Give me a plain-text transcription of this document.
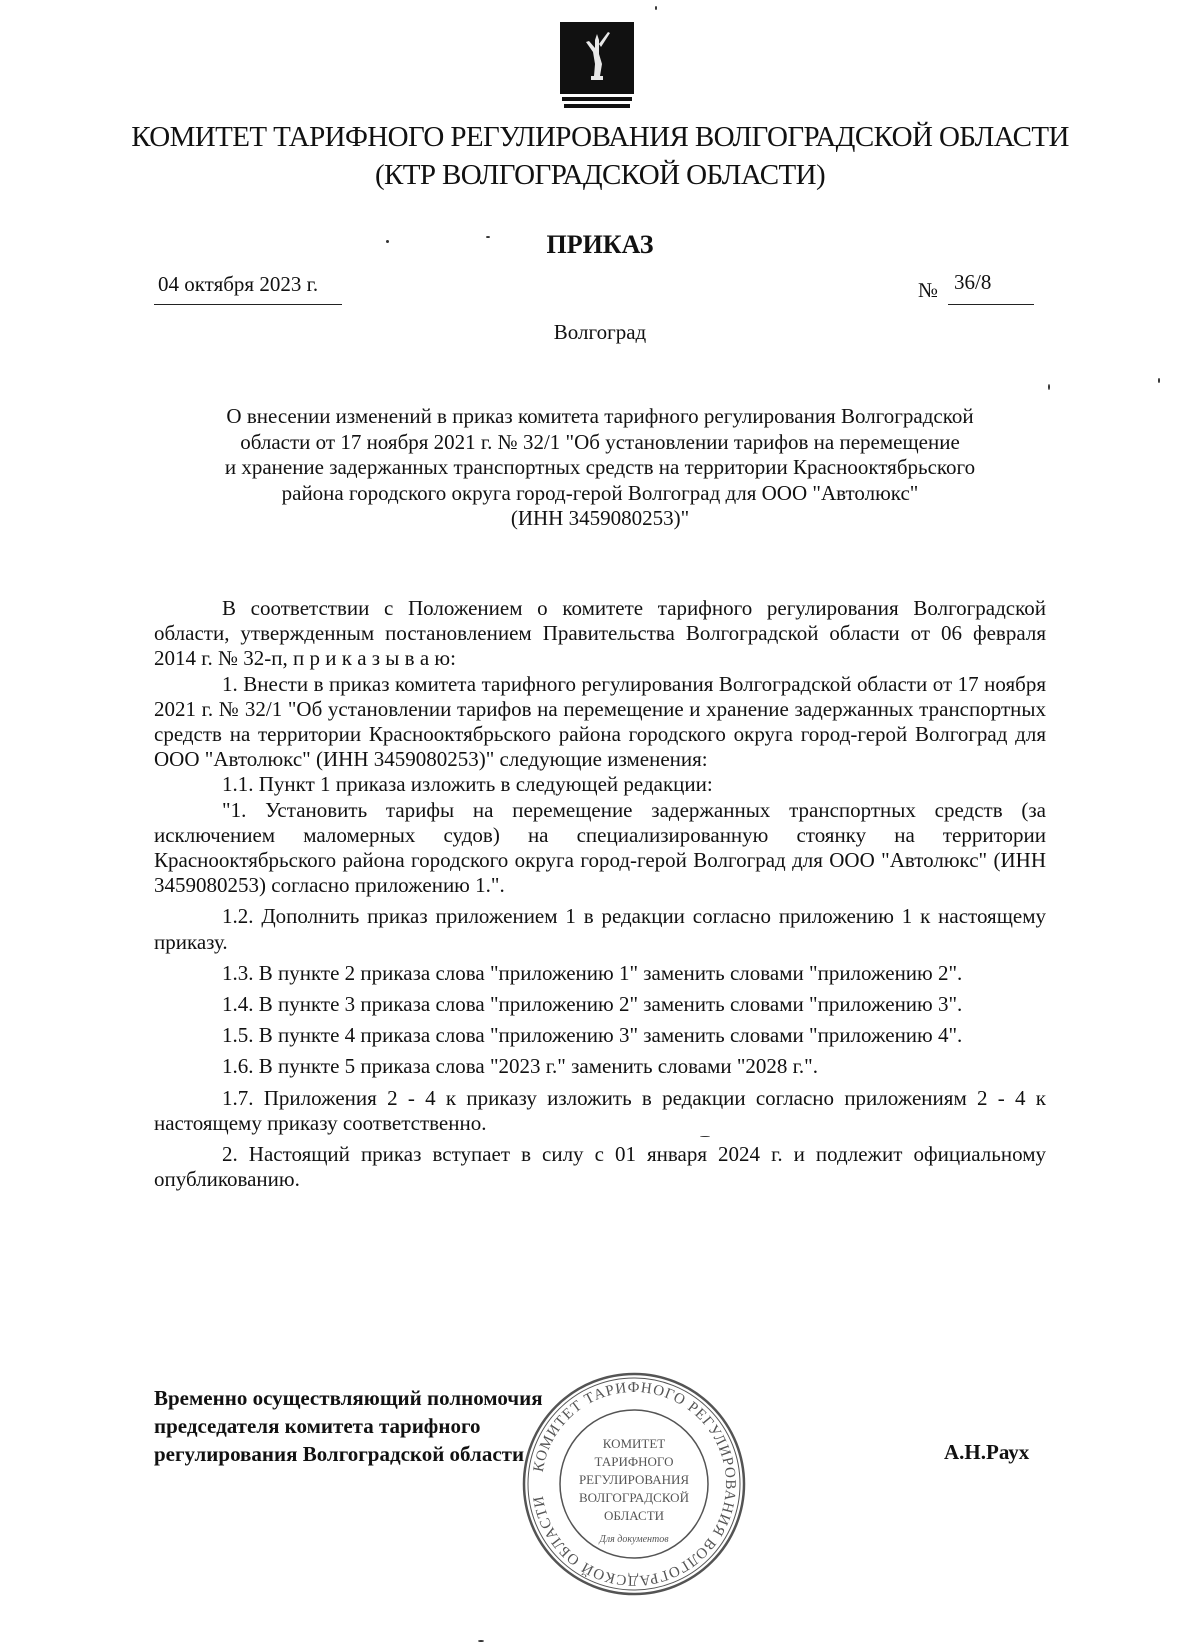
КОМИТЕТ ТАРИФНОГО РЕГУЛИРОВАНИЯ ВОЛГОГРАДСКОЙ ОБЛАСТИ
(КТР ВОЛГОГРАДСКОЙ ОБЛАСТИ)
ПРИКАЗ
04 октября 2023 г.	№ 36/8
Волгоград
О внесении изменений в приказ комитета тарифного регулирования Волгоградской
области от 17 ноября 2021 г. № 32/1 "Об установлении тарифов на перемещение
и хранение задержанных транспортных средств на территории Краснооктябрьского
района городского округа город-герой Волгоград для ООО "Автолюкс"
(ИНН 3459080253)"

В соответствии с Положением о комитете тарифного регулирования Волгоградской области, утвержденным постановлением Правительства Волгоградской области от 06 февраля 2014 г. № 32-п, п р и к а з ы в а ю:

1. Внести в приказ комитета тарифного регулирования Волгоградской области от 17 ноября 2021 г. № 32/1 "Об установлении тарифов на перемещение и хранение задержанных транспортных средств на территории Краснооктябрьского района городского округа город-герой Волгоград для ООО "Автолюкс" (ИНН 3459080253)" следующие изменения:

1.1. Пункт 1 приказа изложить в следующей редакции:

"1. Установить тарифы на перемещение задержанных транспортных средств (за исключением маломерных судов) на специализированную стоянку на территории Краснооктябрьского района городского округа город-герой Волгоград для ООО "Автолюкс" (ИНН 3459080253) согласно приложению 1.".

1.2. Дополнить приказ приложением 1 в редакции согласно приложению 1 к настоящему приказу.

1.3. В пункте 2 приказа слова "приложению 1" заменить словами "приложению 2".

1.4. В пункте 3 приказа слова "приложению 2" заменить словами "приложению 3".

1.5. В пункте 4 приказа слова "приложению 3" заменить словами "приложению 4".

1.6. В пункте 5 приказа слова "2023 г." заменить словами "2028 г.".

1.7. Приложения 2 - 4 к приказу изложить в редакции согласно приложениям 2 - 4 к настоящему приказу соответственно.

2. Настоящий приказ вступает в силу с 01 января 2024 г. и подлежит официальному опубликованию.

Временно осуществляющий полномочия
председателя комитета тарифного
регулирования Волгоградской области	А.Н.Раух
КОМИТЕТ ТАРИФНОГО РЕГУЛИРОВАНИЯ ВОЛГОГРАДСКОЙ ОБЛАСТИ
КОМИТЕТ
ТАРИФНОГО
РЕГУЛИРОВАНИЯ
ВОЛГОГРАДСКОЙ
ОБЛАСТИ
Для документов
